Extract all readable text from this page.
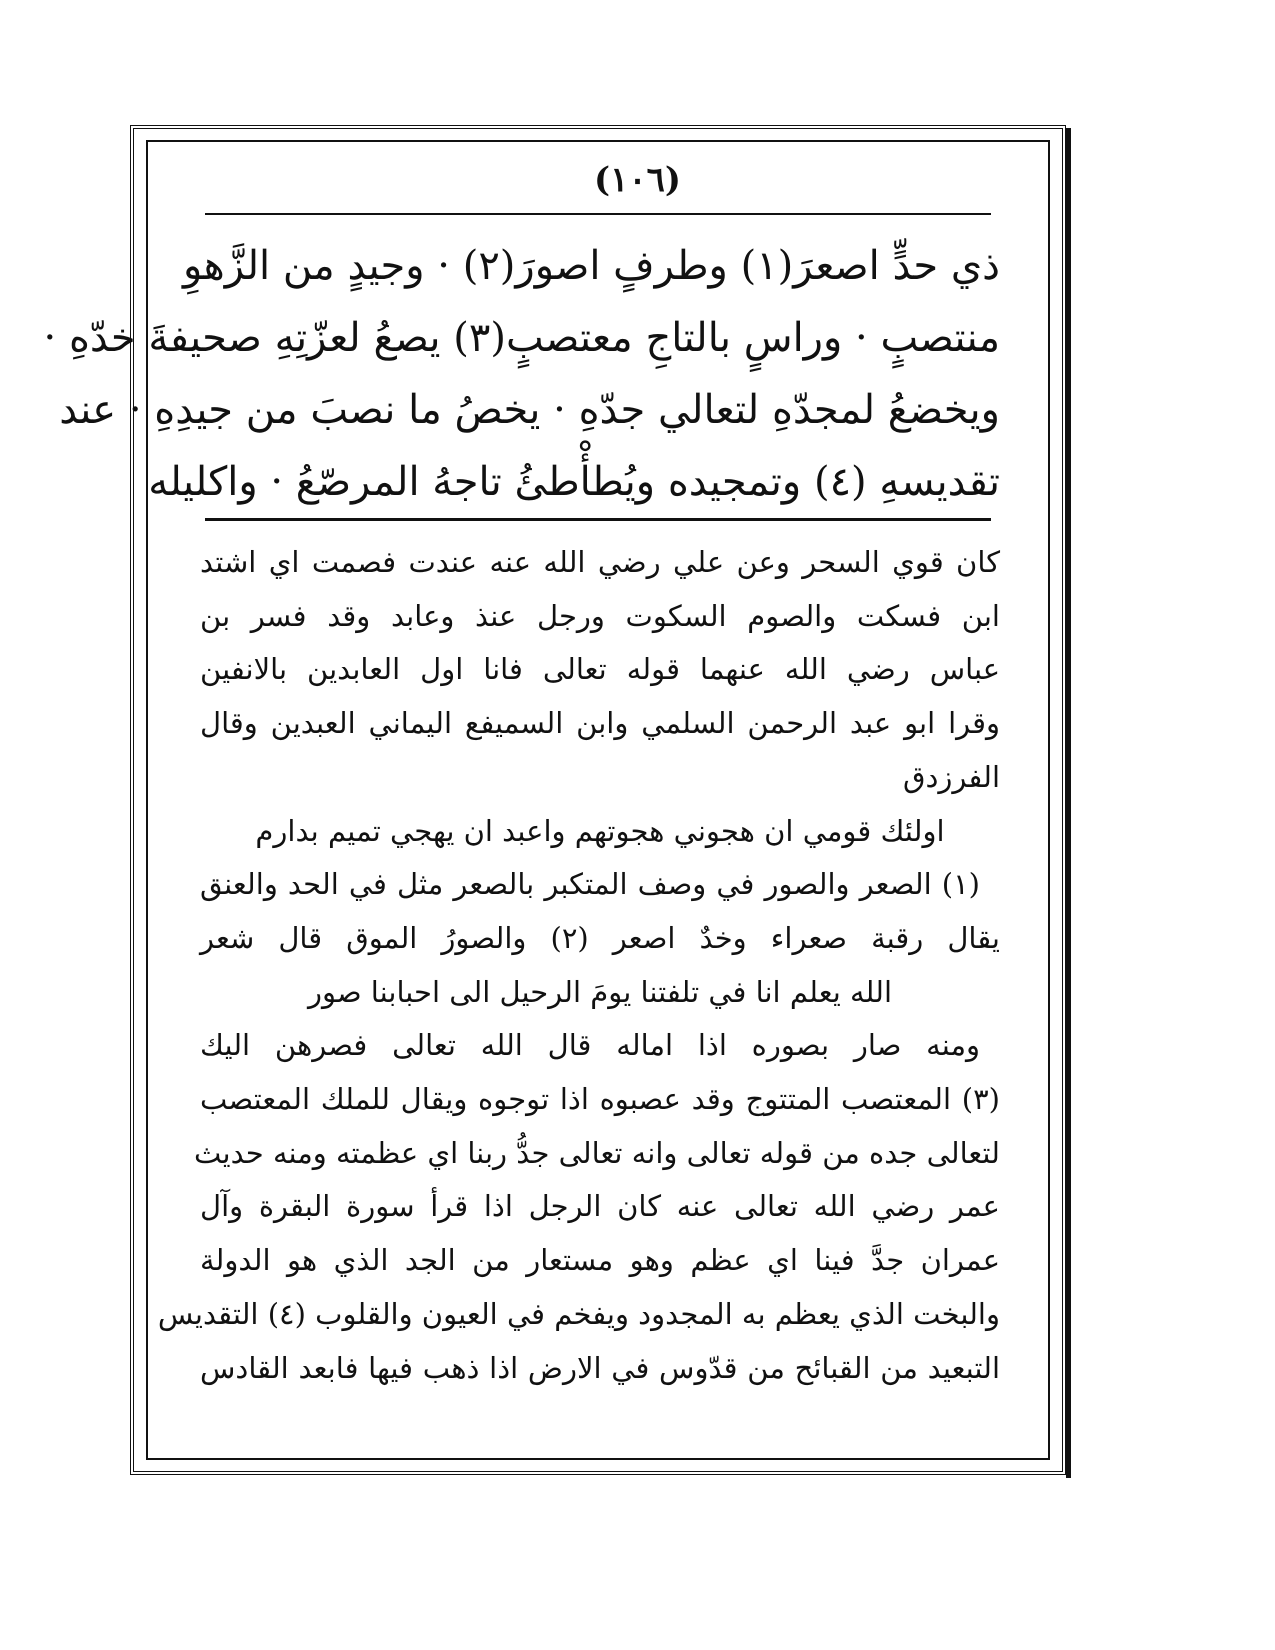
(١٠٦)
ذي حدٍّ اصعرَ(١) وطرفٍ اصورَ(٢) · وجيدٍ من الزَّهوِ
منتصبٍ · وراسٍ بالتاجِ معتصبٍ(٣) يصعُ لعزّتِهِ صحيفةَ خدّهِ ·
ويخضعُ لمجدّهِ لتعالي جدّهِ · يخصُ ما نصبَ من جيدِهِ · عند
تقديسهِ (٤) وتمجيده ويُطأْطئُ تاجهُ المرصّعُ · واكليله
كان قوي السحر وعن علي رضي الله عنه عندت فصمت اي اشتد
ابن فسكت والصوم السكوت ورجل عنذ وعابد وقد فسر بن
عباس رضي الله عنهما قوله تعالى فانا اول العابدين بالانفين
وقرا ابو عبد الرحمن السلمي وابن السميفع اليماني العبدين وقال
الفرزدق
اولئك قومي ان هجوني هجوتهم واعبد ان يهجي تميم بدارم
(١) الصعر والصور في وصف المتكبر بالصعر مثل في الحد والعنق
يقال رقبة صعراء وخدٌ اصعر (٢) والصورُ الموق قال شعر
الله يعلم انا في تلفتنا يومَ الرحيل الى احبابنا صور
ومنه صار بصوره اذا اماله قال الله تعالى فصرهن اليك
(٣) المعتصب المتتوج وقد عصبوه اذا توجوه ويقال للملك المعتصب
لتعالى جده من قوله تعالى وانه تعالى جدُّ ربنا اي عظمته ومنه حديث
عمر رضي الله تعالى عنه كان الرجل اذا قرأ سورة البقرة وآل
عمران جدَّ فينا اي عظم وهو مستعار من الجد الذي هو الدولة
والبخت الذي يعظم به المجدود ويفخم في العيون والقلوب (٤) التقديس
التبعيد من القبائح من قدّوس في الارض اذا ذهب فيها فابعد القادس
